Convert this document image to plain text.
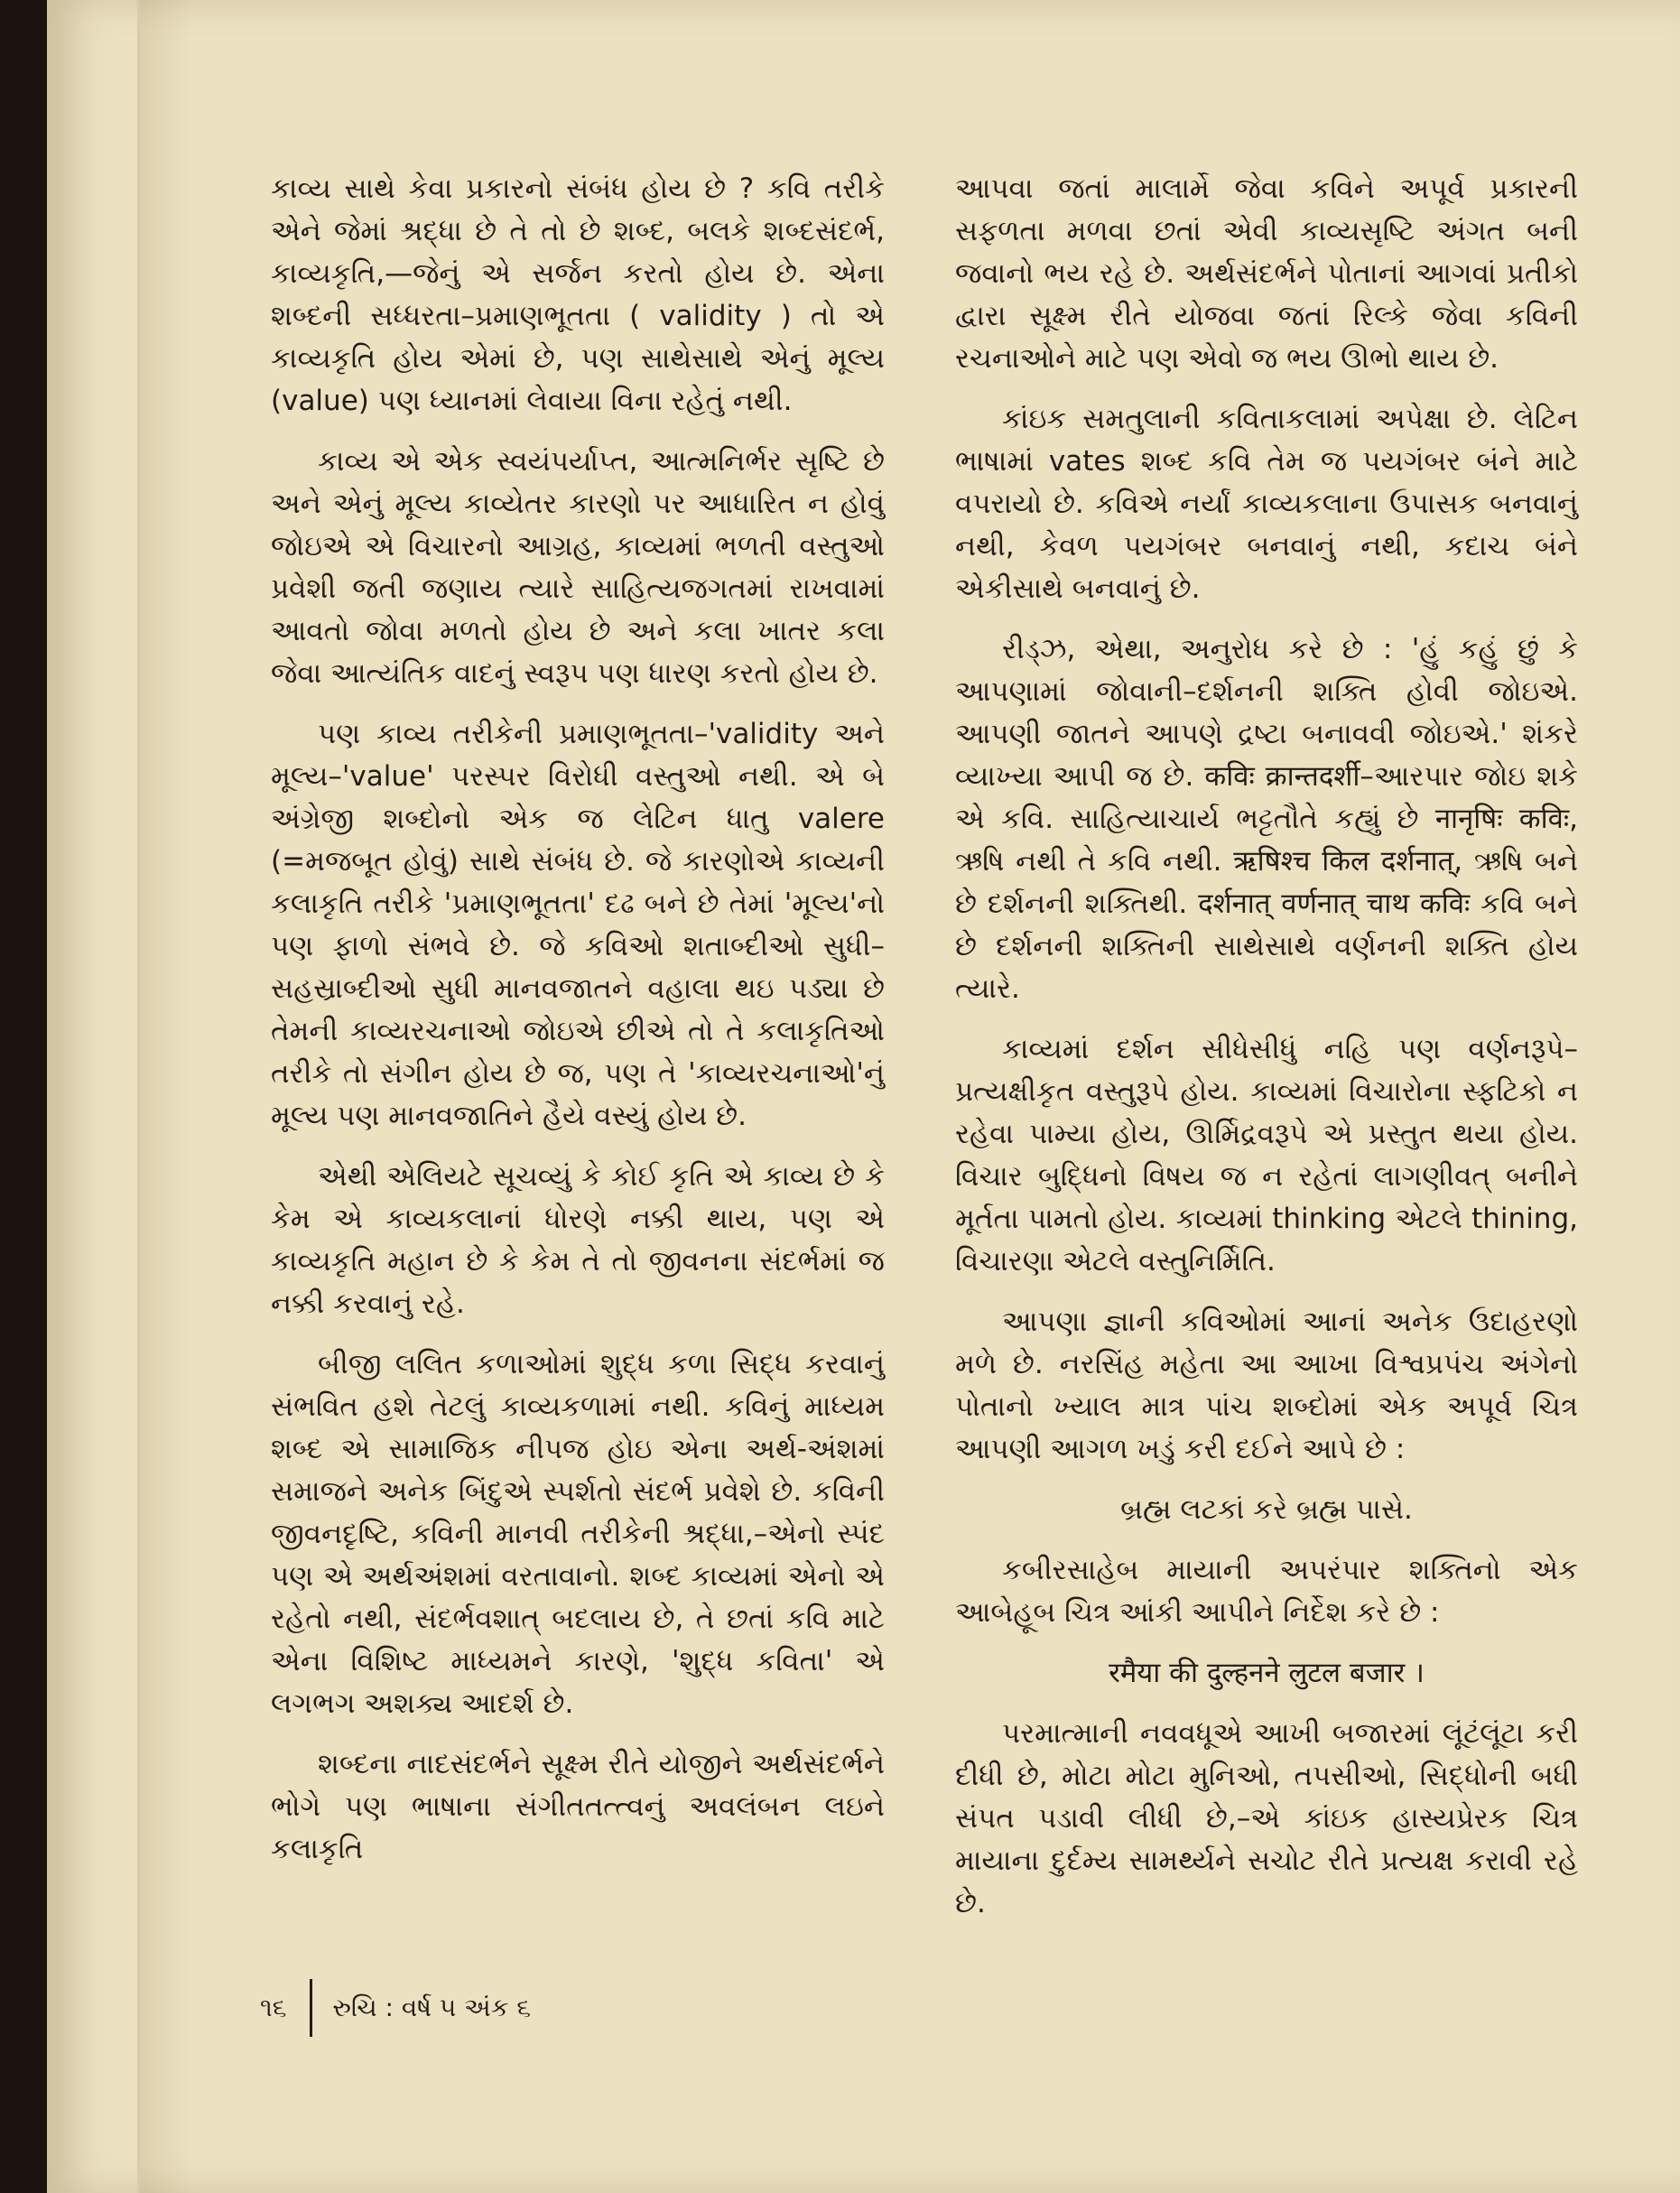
કાવ્ય સાથે કેવા પ્રકારનો સંબંધ હોય છે ? કવિ તરીકે એને જેમાં શ્રદ્ધા છે તે તો છે શબ્દ, બલકે શબ્દસંદર્ભ, કાવ્યકૃતિ,—જેનું એ સર્જન કરતો હોય છે. એના શબ્દની સધ્ધરતા–પ્રમાણભૂતતા ( validity ) તો એ કાવ્યકૃતિ હોય એમાં છે, પણ સાથેસાથે એનું મૂલ્ય (value) પણ ધ્યાનમાં લેવાયા વિના રહેતું નથી.

કાવ્ય એ એક સ્વયંપર્યાપ્ત, આત્મનિર્ભર સૃષ્ટિ છે અને એનું મૂલ્ય કાવ્યેતર કારણો પર આધારિત ન હોવું જોઇએ એ વિચારનો આગ્રહ, કાવ્યમાં ભળતી વસ્તુઓ પ્રવેશી જતી જણાય ત્યારે સાહિત્યજગતમાં રાખવામાં આવતો જોવા મળતો હોય છે અને કલા ખાતર કલા જેવા આત્યંતિક વાદનું સ્વરૂપ પણ ધારણ કરતો હોય છે.

પણ કાવ્ય તરીકેની પ્રમાણભૂતતા–'validity અને મૂલ્ય–'value' પરસ્પર વિરોધી વસ્તુઓ નથી. એ બે અંગ્રેજી શબ્દોનો એક જ લેટિન ધાતુ valere (=મજબૂત હોવું) સાથે સંબંધ છે. જે કારણોએ કાવ્યની કલાકૃતિ તરીકે 'પ્રમાણભૂતતા' દઢ બને છે તેમાં 'મૂલ્ય'નો પણ ફાળો સંભવે છે. જે કવિઓ શતાબ્દીઓ સુધી–સહસ્રાબ્દીઓ સુધી માનવજાતને વહાલા થઇ પડ્યા છે તેમની કાવ્યરચનાઓ જોઇએ છીએ તો તે કલાકૃતિઓ તરીકે તો સંગીન હોય છે જ, પણ તે 'કાવ્યરચનાઓ'નું મૂલ્ય પણ માનવજાતિને હૈયે વસ્યું હોય છે.

એથી એલિયટે સૂચવ્યું કે કોઈ કૃતિ એ કાવ્ય છે કે કેમ એ કાવ્યકલાનાં ધોરણે નક્કી થાય, પણ એ કાવ્યકૃતિ મહાન છે કે કેમ તે તો જીવનના સંદર્ભમાં જ નક્કી કરવાનું રહે.

બીજી લલિત કળાઓમાં શુદ્ધ કળા સિદ્ધ કરવાનું સંભવિત હશે તેટલું કાવ્યકળામાં નથી. કવિનું માધ્યમ શબ્દ એ સામાજિક નીપજ હોઇ એના અર્થ-અંશમાં સમાજને અનેક બિંદુએ સ્પર્શતો સંદર્ભ પ્રવેશે છે. કવિની જીવનદૃષ્ટિ, કવિની માનવી તરીકેની શ્રદ્ધા,–એનો સ્પંદ પણ એ અર્થઅંશમાં વરતાવાનો. શબ્દ કાવ્યમાં એનો એ રહેતો નથી, સંદર્ભવશાત્ બદલાય છે, તે છતાં કવિ માટે એના વિશિષ્ટ માધ્યમને કારણે, 'શુદ્ધ કવિતા' એ લગભગ અશક્ય આદર્શ છે.

શબ્દના નાદસંદર્ભને સૂક્ષ્મ રીતે યોજીને અર્થસંદર્ભને ભોગે પણ ભાષાના સંગીતતત્ત્વનું અવલંબન લઇને કલાકૃતિ

આપવા જતાં માલાર્મે જેવા કવિને અપૂર્વ પ્રકારની સફળતા મળવા છતાં એવી કાવ્યસૃષ્ટિ અંગત બની જવાનો ભય રહે છે. અર્થસંદર્ભને પોતાનાં આગવાં પ્રતીકો દ્વારા સૂક્ષ્મ રીતે યોજવા જતાં રિલ્કે જેવા કવિની રચનાઓને માટે પણ એવો જ ભય ઊભો થાય છે.

કાંઇક સમતુલાની કવિતાકલામાં અપેક્ષા છે. લેટિન ભાષામાં vates શબ્દ કવિ તેમ જ પયગંબર બંને માટે વપરાયો છે. કવિએ નર્યાં કાવ્યકલાના ઉપાસક બનવાનું નથી, કેવળ પયગંબર બનવાનું નથી, કદાચ બંને એકીસાથે બનવાનું છે.

રીડ્ઝ, એથા, અનુરોધ કરે છે : 'હું કહું છું કે આપણામાં જોવાની–દર્શનની શક્તિ હોવી જોઇએ. આપણી જાતને આપણે દ્રષ્ટા બનાવવી જોઇએ.' શંકરે વ્યાખ્યા આપી જ છે. कविः क्रान्तदर्शी–આરપાર જોઇ શકે એ કવિ. સાહિત્યાચાર્ય ભટ્ટતૌતે કહ્યું છે नानृषिः कविः, ઋષિ નથી તે કવિ નથી. ऋषिश्च किल दर्शनात्, ઋષિ બને છે દર્શનની શક્તિથી. दर्शनात् वर्णनात् चाथ कविः કવિ બને છે દર્શનની શક્તિની સાથેસાથે વર્ણનની શક્તિ હોય ત્યારે.

કાવ્યમાં દર્શન સીધેસીધું નહિ પણ વર્ણનરૂપે–પ્રત્યક્ષીકૃત વસ્તુરૂપે હોય. કાવ્યમાં વિચારોના સ્ફટિકો ન રહેવા પામ્યા હોય, ઊર્મિદ્રવરૂપે એ પ્રસ્તુત થયા હોય. વિચાર બુદ્ધિનો વિષય જ ન રહેતાં લાગણીવત્ બનીને મૂર્તતા પામતો હોય. કાવ્યમાં thinking એટલે thining, વિચારણા એટલે વસ્તુનિર્મિતિ.

આપણા જ્ઞાની કવિઓમાં આનાં અનેક ઉદાહરણો મળે છે. નરસિંહ મહેતા આ આખા વિશ્વપ્રપંચ અંગેનો પોતાનો ખ્યાલ માત્ર પાંચ શબ્દોમાં એક અપૂર્વ ચિત્ર આપણી આગળ ખડું કરી દઈને આપે છે :

બ્રહ્મ લટકાં કરે બ્રહ્મ પાસે.

કબીરસાહેબ માયાની અપરંપાર શક્તિનો એક આબેહૂબ ચિત્ર આંકી આપીને નિર્દેશ કરે છે :

रमैया की दुल्हनने लुटल बजार ।

પરમાત્માની નવવધૂએ આખી બજારમાં લૂંટંલૂંટા કરી દીધી છે, મોટા મોટા મુનિઓ, તપસીઓ, સિદ્ધોની બધી સંપત પડાવી લીધી છે,–એ કાંઇક હાસ્યપ્રેરક ચિત્ર માયાના દુર્દમ્ય સામર્થ્યને સચોટ રીતે પ્રત્યક્ષ કરાવી રહે છે.

૧૬ રુચિ : વર્ષ ૫ અંક ૬
